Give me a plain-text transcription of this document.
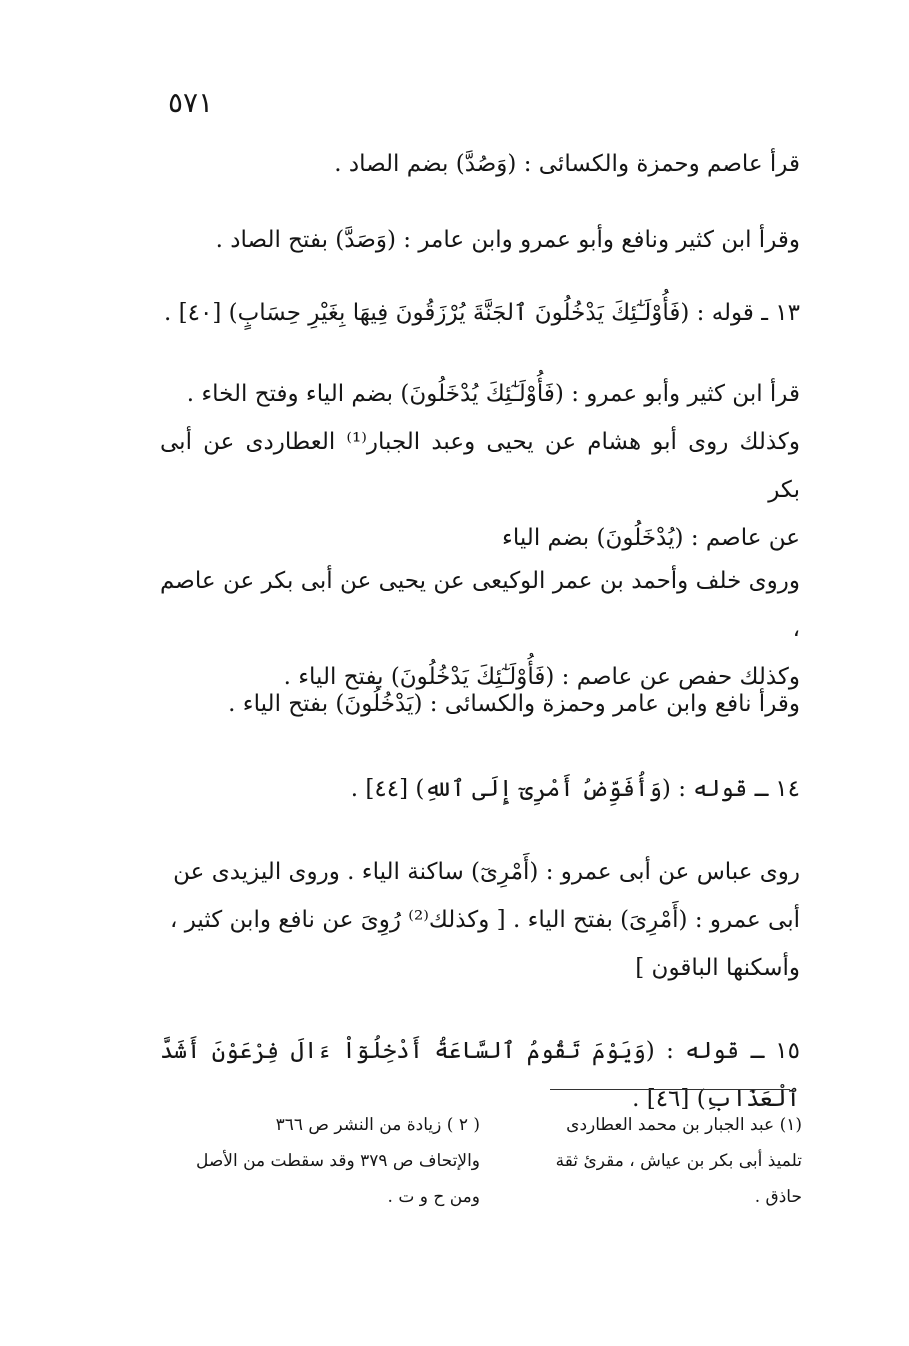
٥٧١
قرأ عاصم وحمزة والكسائى : (وَصُدَّ) بضم الصاد .
وقرأ ابن كثير ونافع وأبو عمرو وابن عامر : (وَصَدَّ) بفتح الصاد .
١٣ ـ قوله : (فَأُوْلَـٰٓئِكَ يَدْخُلُونَ ٱلجَنَّةَ يُرْزَقُونَ فِيهَا بِغَيْرِ حِسَابٍ) [٤٠] .
قرأ ابن كثير وأبو عمرو : (فَأُوْلَـٰٓئِكَ يُدْخَلُونَ) بضم الياء وفتح الخاء .
وكذلك روى أبو هشام عن يحيى وعبد الجبار⁽¹⁾ العطاردى عن أبى بكر
عن عاصم : (يُدْخَلُونَ) بضم الياء
وروى خلف وأحمد بن عمر الوكيعى عن يحيى عن أبى بكر عن عاصم ،
وكذلك حفص عن عاصم : (فَأُوْلَـٰٓئِكَ يَدْخُلُونَ) بفتح الياء .
وقرأ نافع وابن عامر وحمزة والكسائى : (يَدْخُلُونَ) بفتح الياء .
١٤ ـ قوله : (وَأُفَوِّضُ أَمْرِىٓ إِلَى ٱللهِ) [٤٤] .
روى عباس عن أبى عمرو : (أَمْرِىٓ) ساكنة الياء . وروى اليزيدى عن
أبى عمرو : (أَمْرِىَ) بفتح الياء . [ وكذلك⁽²⁾ رُوِىَ عن نافع وابن كثير ،
وأسكنها الباقون ]
١٥ ـ قوله : (وَيَوْمَ تَقُومُ ٱلسَّاعَةُ أَدْخِلُوٓاْ ءَالَ فِرْعَوْنَ أَشَدَّ ٱلْعَذَابِ) [٤٦] .
(١) عبد الجبار بن محمد العطاردى
تلميذ أبى بكر بن عياش ، مقرئ ثقة
حاذق .
( ٢ ) زيادة من النشر ص ٣٦٦
والإتحاف ص ٣٧٩ وقد سقطت من الأصل
ومن ح و ت .
